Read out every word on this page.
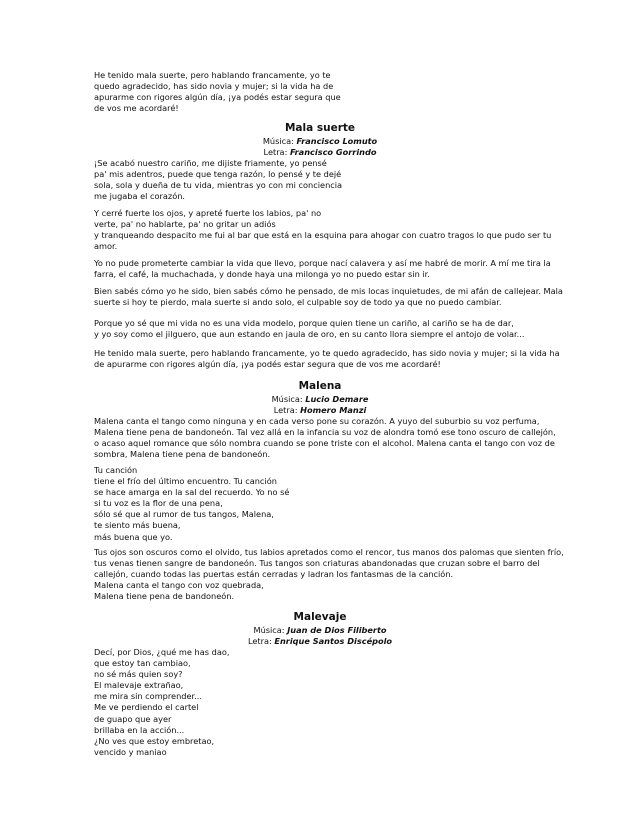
He tenido mala suerte, pero hablando francamente, yo te
quedo agradecido, has sido novia y mujer; si la vida ha de
apurarme con rigores algún día, ¡ya podés estar segura que
de vos me acordaré!

Mala suerte
Música: Francisco Lomuto
Letra: Francisco Gorrindo

¡Se acabó nuestro cariño, me dijiste friamente, yo pensé
pa' mis adentros, puede que tenga razón, lo pensé y te dejé
sola, sola y dueña de tu vida, mientras yo con mi conciencia
me jugaba el corazón.

Y cerré fuerte los ojos, y apreté fuerte los labios, pa' no
verte, pa' no hablarte, pa' no gritar un adiós
y tranqueando despacito me fui al bar que está en la esquina para ahogar con cuatro tragos lo que pudo ser tu
amor.

Yo no pude prometerte cambiar la vida que llevo, porque nací calavera y así me habré de morir. A mí me tira la
farra, el café, la muchachada, y donde haya una milonga yo no puedo estar sin ir.

Bien sabés cómo yo he sido, bien sabés cómo he pensado, de mis locas inquietudes, de mi afán de callejear. Mala
suerte si hoy te pierdo, mala suerte si ando solo, el culpable soy de todo ya que no puedo cambiar.

Porque yo sé que mi vida no es una vida modelo, porque quien tiene un cariño, al cariño se ha de dar,
y yo soy como el jilguero, que aun estando en jaula de oro, en su canto llora siempre el antojo de volar...

He tenido mala suerte, pero hablando francamente, yo te quedo agradecido, has sido novia y mujer; si la vida ha
de apurarme con rigores algún día, ¡ya podés estar segura que de vos me acordaré!

Malena
Música: Lucio Demare
Letra: Homero Manzi

Malena canta el tango como ninguna y en cada verso pone su corazón. A yuyo del suburbio su voz perfuma,
Malena tiene pena de bandoneón. Tal vez allá en la infancia su voz de alondra tomó ese tono oscuro de callejón,
o acaso aquel romance que sólo nombra cuando se pone triste con el alcohol. Malena canta el tango con voz de
sombra, Malena tiene pena de bandoneón.

Tu canción
tiene el frío del último encuentro. Tu canción
se hace amarga en la sal del recuerdo. Yo no sé
si tu voz es la flor de una pena,
sólo sé que al rumor de tus tangos, Malena,
te siento más buena,
más buena que yo.

Tus ojos son oscuros como el olvido, tus labios apretados como el rencor, tus manos dos palomas que sienten frío,
tus venas tienen sangre de bandoneón. Tus tangos son criaturas abandonadas que cruzan sobre el barro del
callejón, cuando todas las puertas están cerradas y ladran los fantasmas de la canción.
Malena canta el tango con voz quebrada,
Malena tiene pena de bandoneón.

Malevaje
Música: Juan de Dios Filiberto
Letra: Enrique Santos Discépolo

Decí, por Dios, ¿qué me has dao,
que estoy tan cambiao,
no sé más quien soy?
El malevaje extrañao,
me mira sin comprender...
Me ve perdiendo el cartel
de guapo que ayer
brillaba en la acción...
¿No ves que estoy embretao,
vencido y maniao
